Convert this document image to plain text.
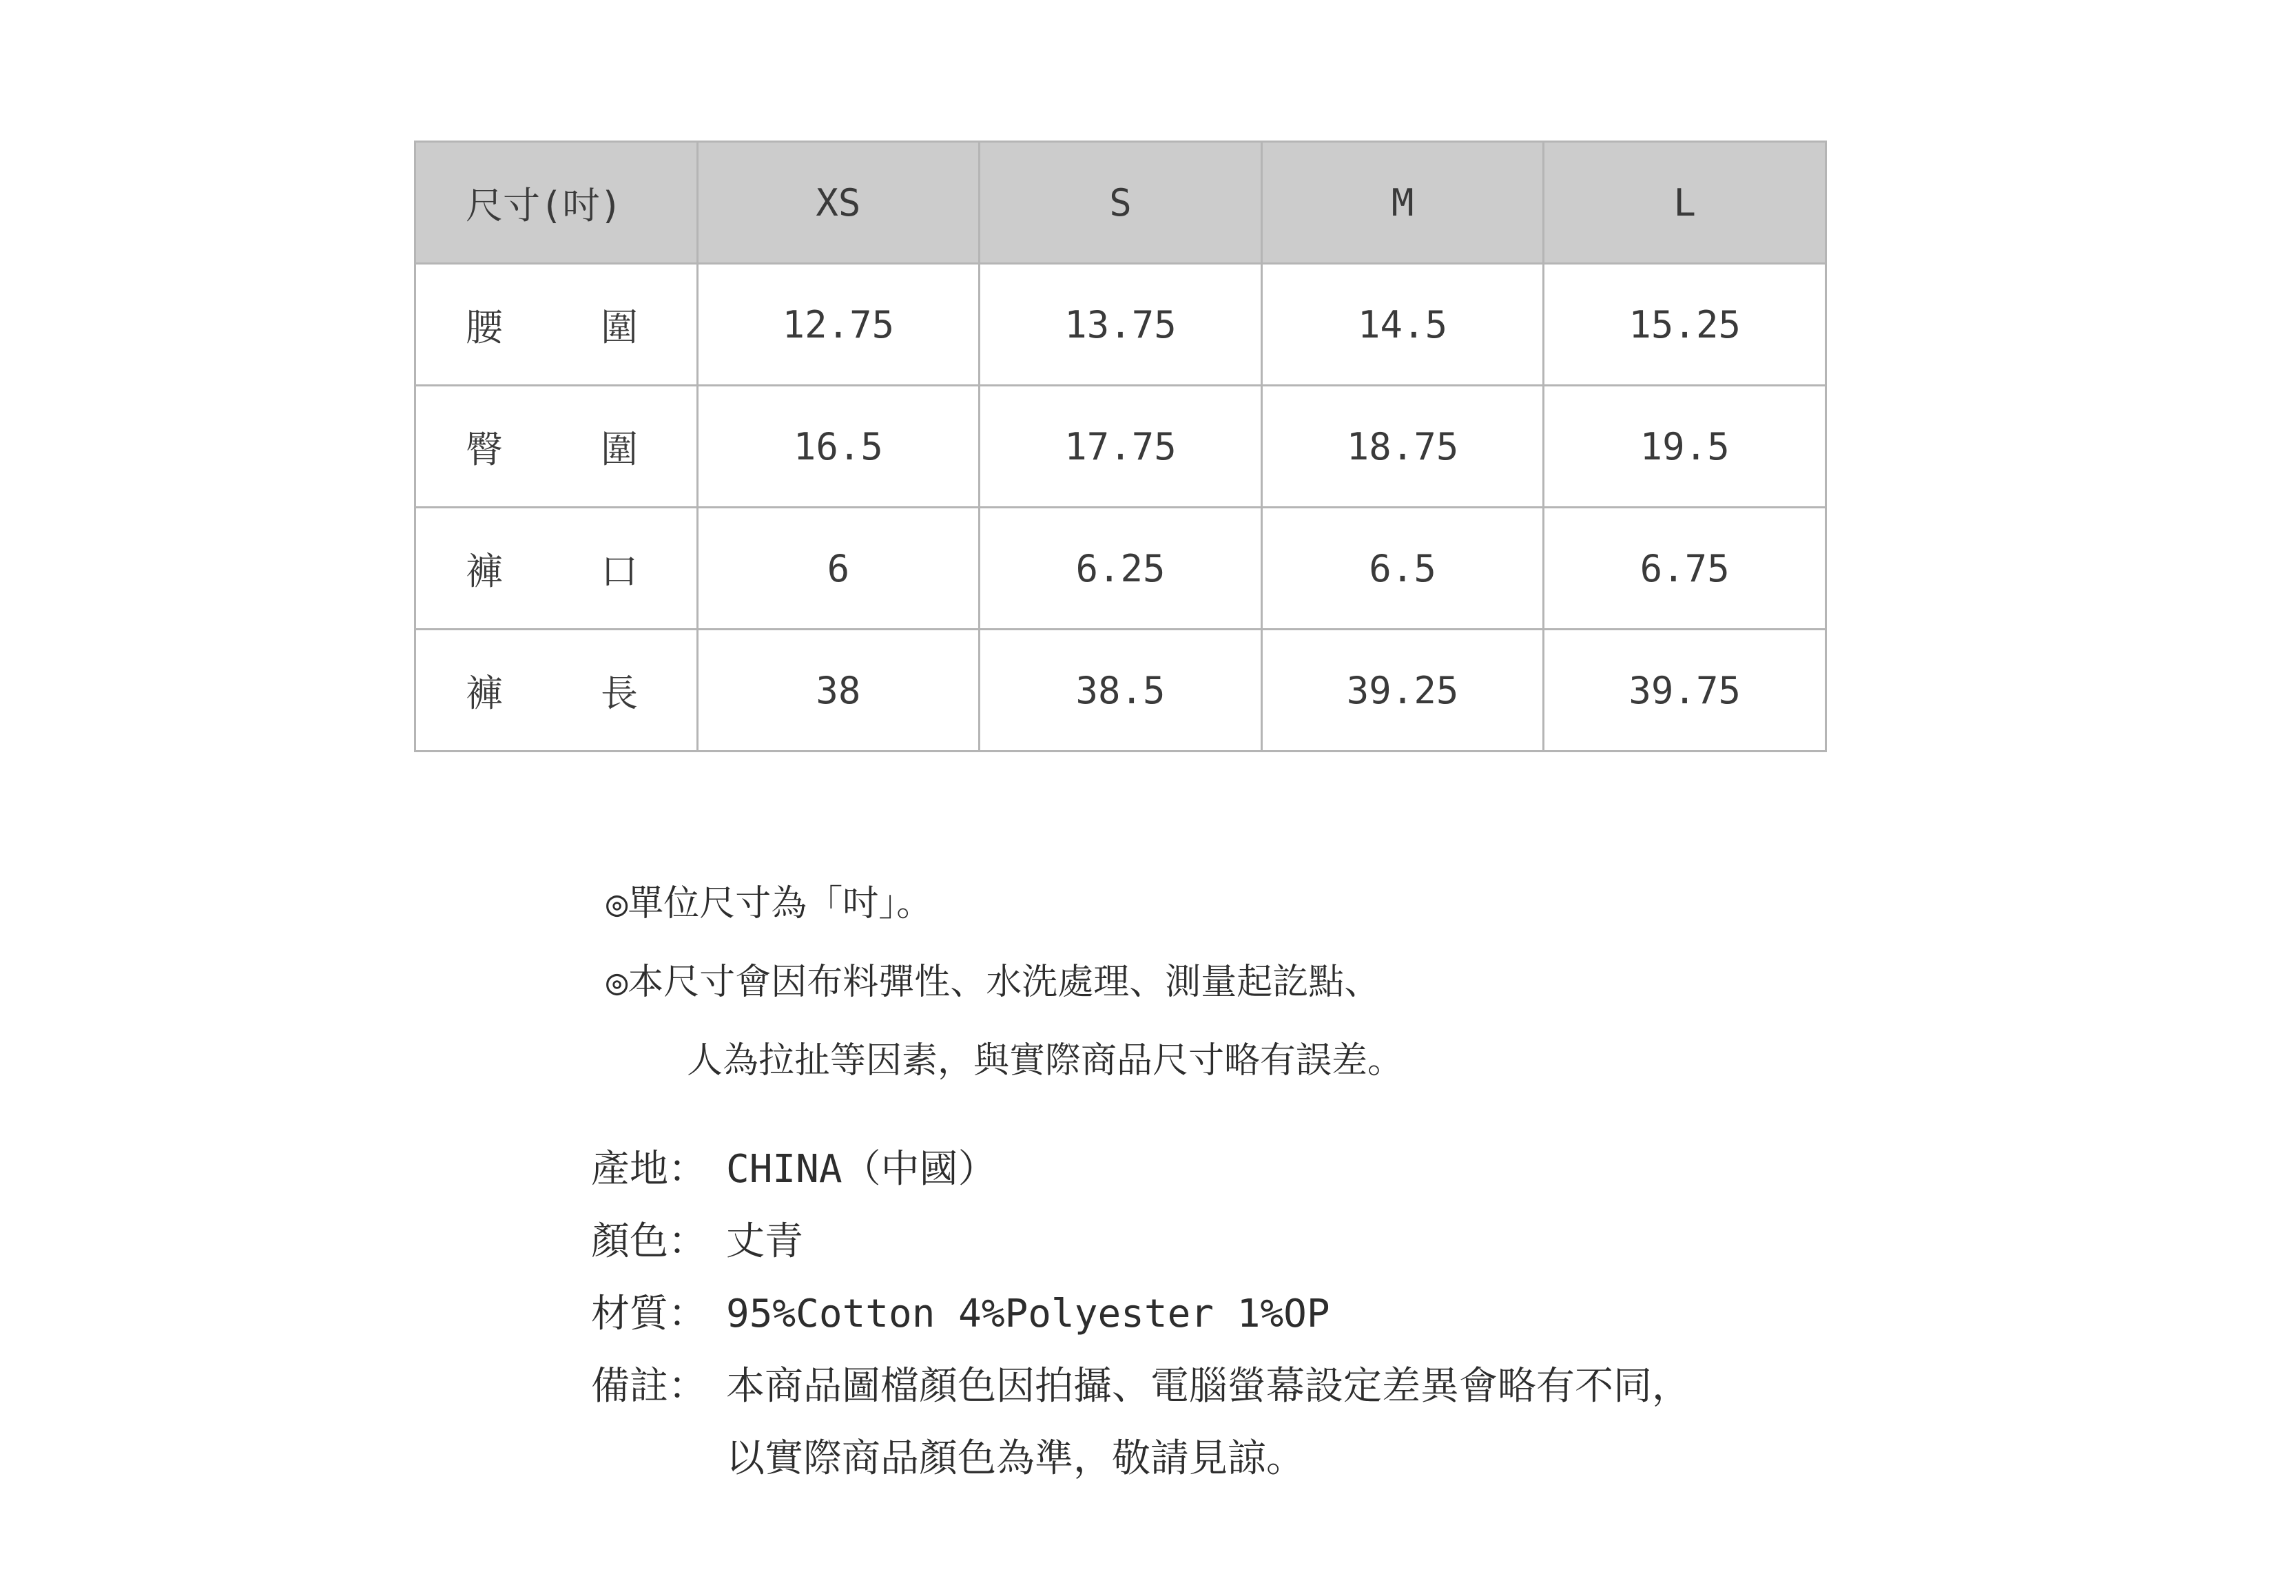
尺寸(吋)	XS	S	M	L

腰 圍	12.75	13.75	14.5	15.25

臀 圍	16.5	17.75	18.75	19.5

褲 口	6	6.25	6.5	6.75

褲 長	38	38.5	39.25	39.75
◎單位尺寸為「吋」。
◎本尺寸會因布料彈性、水洗處理、測量起訖點、
人為拉扯等因素，與實際商品尺寸略有誤差。
產地： CHINA（中國）
顏色： 丈青
材質： 95%Cotton 4%Polyester 1%OP
備註： 本商品圖檔顏色因拍攝、電腦螢幕設定差異會略有不同，
以實際商品顏色為準，敬請見諒。
